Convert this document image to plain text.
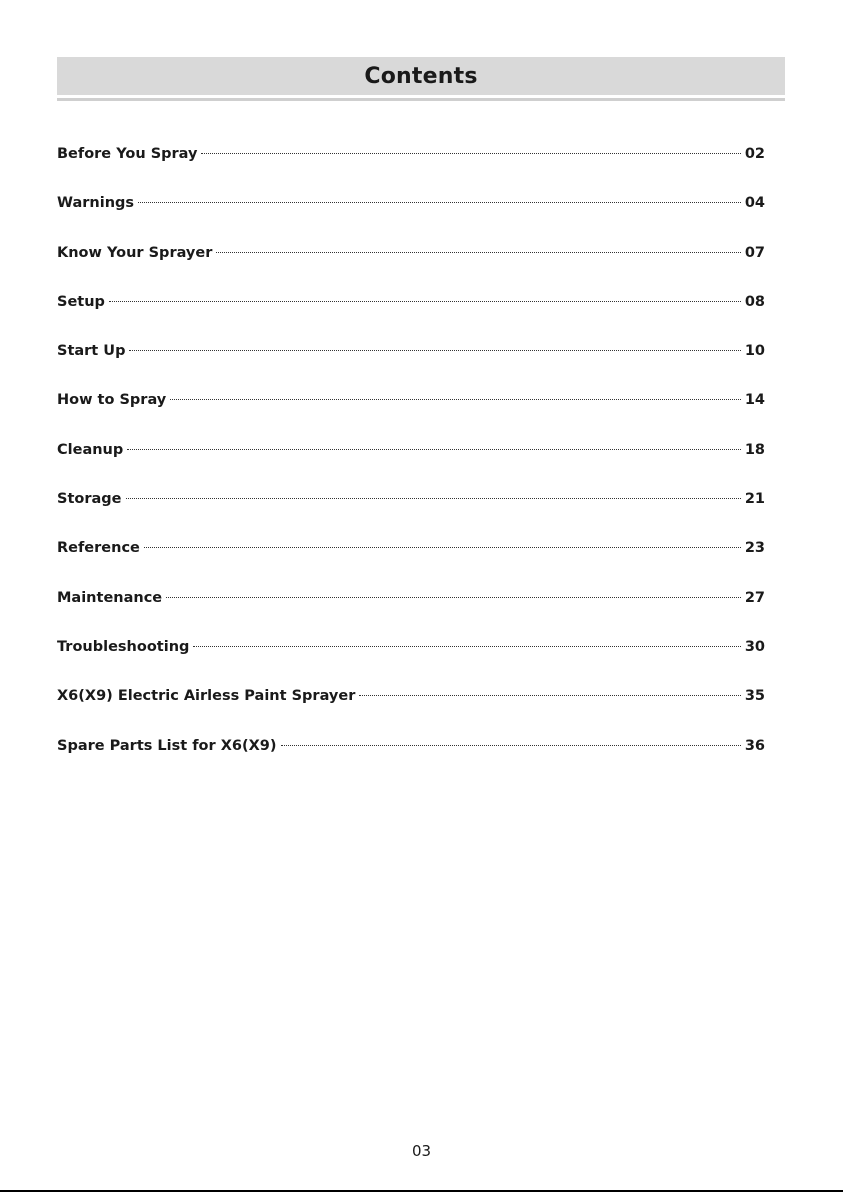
Contents
Before You Spray	02
Warnings	04
Know Your Sprayer	07
Setup	08
Start Up	10
How to Spray	14
Cleanup	18
Storage	21
Reference	23
Maintenance	27
Troubleshooting	30
X6(X9) Electric Airless Paint Sprayer	35
Spare Parts List for X6(X9)	36
03
